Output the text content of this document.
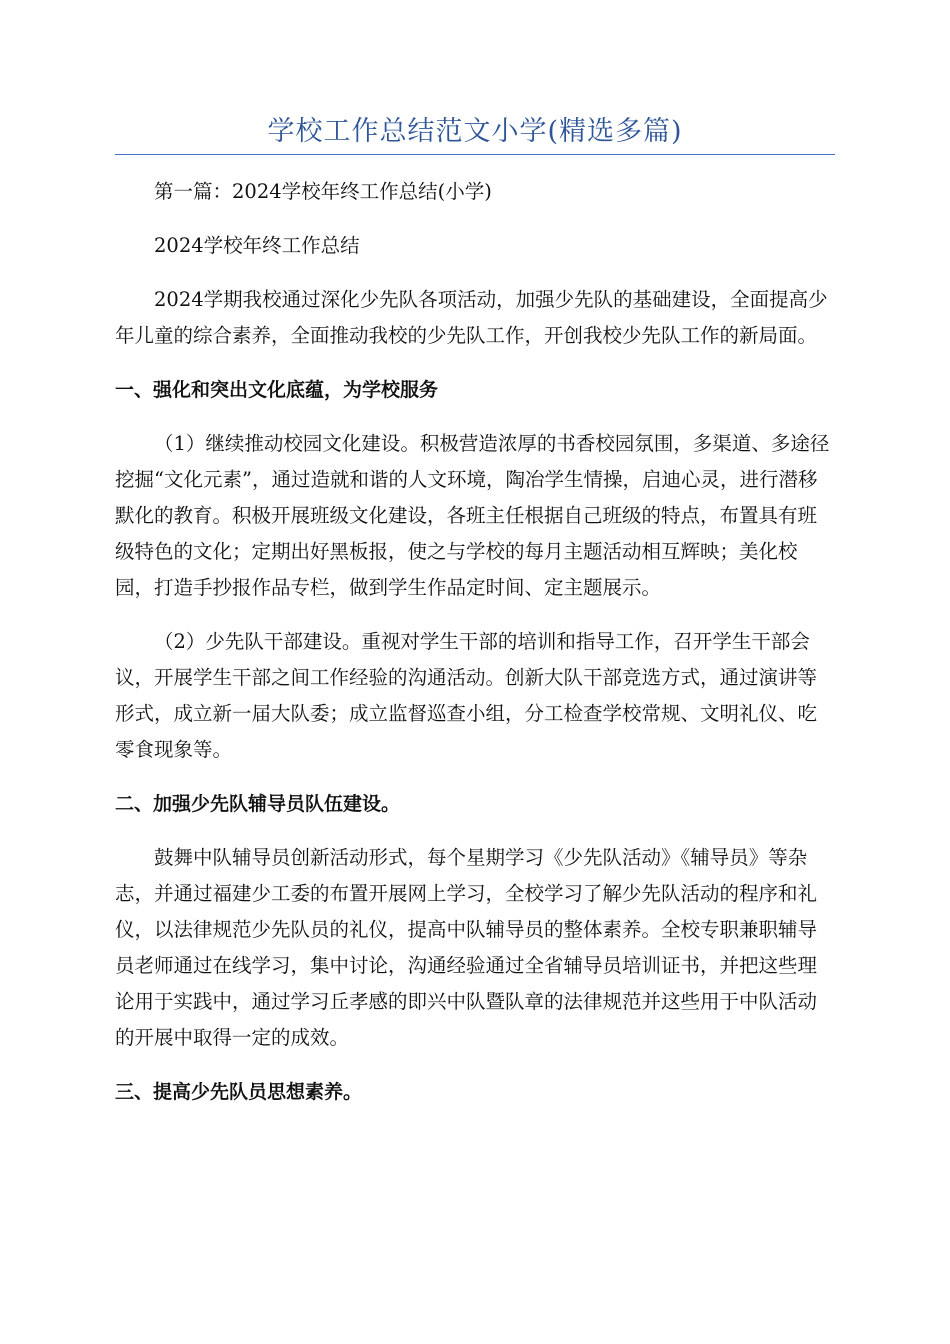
学校工作总结范文小学(精选多篇)

第一篇：2024学校年终工作总结(小学)

2024学校年终工作总结

2024学期我校通过深化少先队各项活动，加强少先队的基础建设，全面提高少年儿童的综合素养，全面推动我校的少先队工作，开创我校少先队工作的新局面。

一、强化和突出文化底蕴，为学校服务

（1）继续推动校园文化建设。积极营造浓厚的书香校园氛围，多渠道、多途径挖掘“文化元素”，通过造就和谐的人文环境，陶冶学生情操，启迪心灵，进行潜移默化的教育。积极开展班级文化建设，各班主任根据自己班级的特点，布置具有班级特色的文化；定期出好黑板报，使之与学校的每月主题活动相互辉映；美化校园，打造手抄报作品专栏，做到学生作品定时间、定主题展示。

（2）少先队干部建设。重视对学生干部的培训和指导工作，召开学生干部会议，开展学生干部之间工作经验的沟通活动。创新大队干部竞选方式，通过演讲等形式，成立新一届大队委；成立监督巡查小组，分工检查学校常规、文明礼仪、吃零食现象等。

二、加强少先队辅导员队伍建设。

鼓舞中队辅导员创新活动形式，每个星期学习《少先队活动》《辅导员》等杂志，并通过福建少工委的布置开展网上学习，全校学习了解少先队活动的程序和礼仪，以法律规范少先队员的礼仪，提高中队辅导员的整体素养。全校专职兼职辅导员老师通过在线学习，集中讨论，沟通经验通过全省辅导员培训证书，并把这些理论用于实践中，通过学习丘孝感的即兴中队暨队章的法律规范并这些用于中队活动的开展中取得一定的成效。

三、提高少先队员思想素养。
